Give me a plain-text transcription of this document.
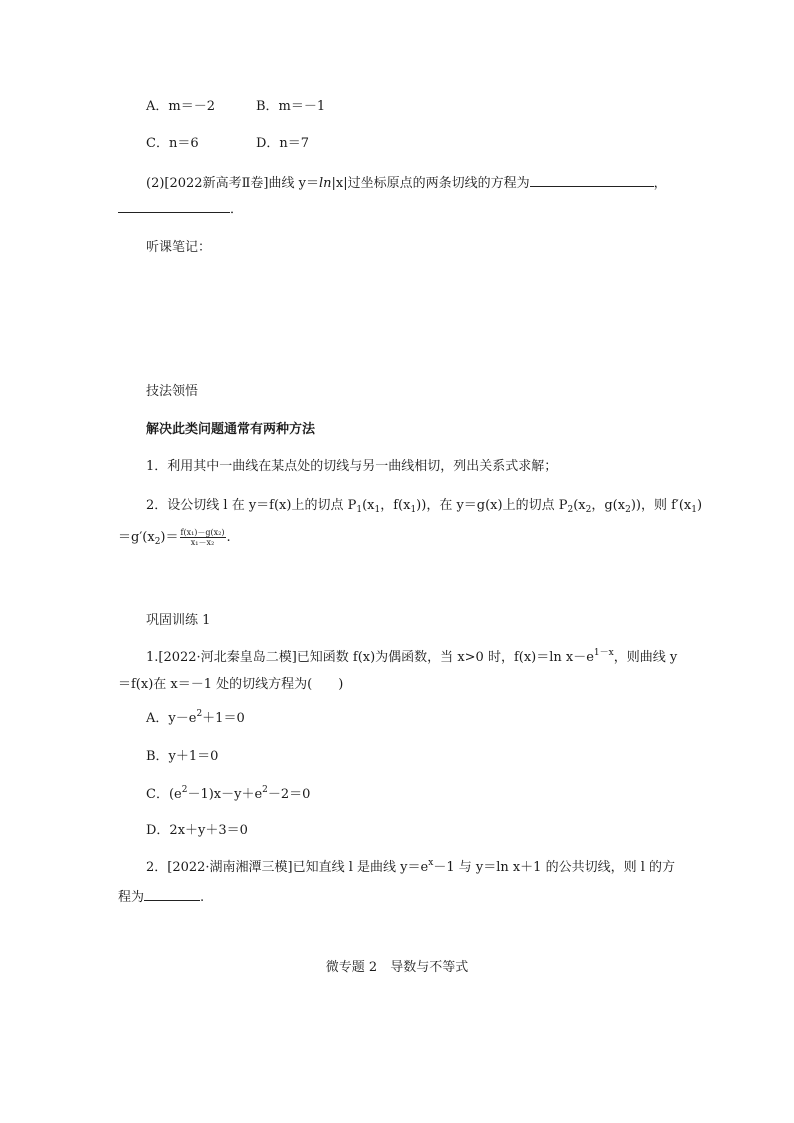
A．m＝－2	B．m＝－1
C．n＝6	D．n＝7
(2)[2022新高考Ⅱ卷]曲线 y＝ln|x|过坐标原点的两条切线的方程为	，
．
听课笔记：
技法领悟
解决此类问题通常有两种方法
1．利用其中一曲线在某点处的切线与另一曲线相切，列出关系式求解；
2．设公切线 l 在 y＝f(x)上的切点 $P_1(x_1$，$f(x_1)$)，在 y＝g(x)上的切点 $P_2(x_2$，$g(x_2)$)，则 $f'(x_1)$
$=g'(x_2)= \frac{\text{f(x₁)－g(x₂)}}{\text{x₁－x₂}}$ .
巩固训练 1
1.[2022·河北秦皇岛二模]已知函数 f(x)为偶函数，当 x>0 时，f(x)＝ln $x-e^{1-x}$，则曲线 y
＝f(x)在 x＝－1 处的切线方程为(　　)
A．$y-e^2+1=0$
B．y＋1＝0
C．$(e^2-1)x-y+e^2-2=0$
D．2x＋y＋3＝0
2．[2022·湖南湘潭三模]已知直线 l 是曲线 $y=e^x-1$ 与 y＝ln x＋1 的公共切线，则 l 的方
程为	.
微专题 2　导数与不等式
